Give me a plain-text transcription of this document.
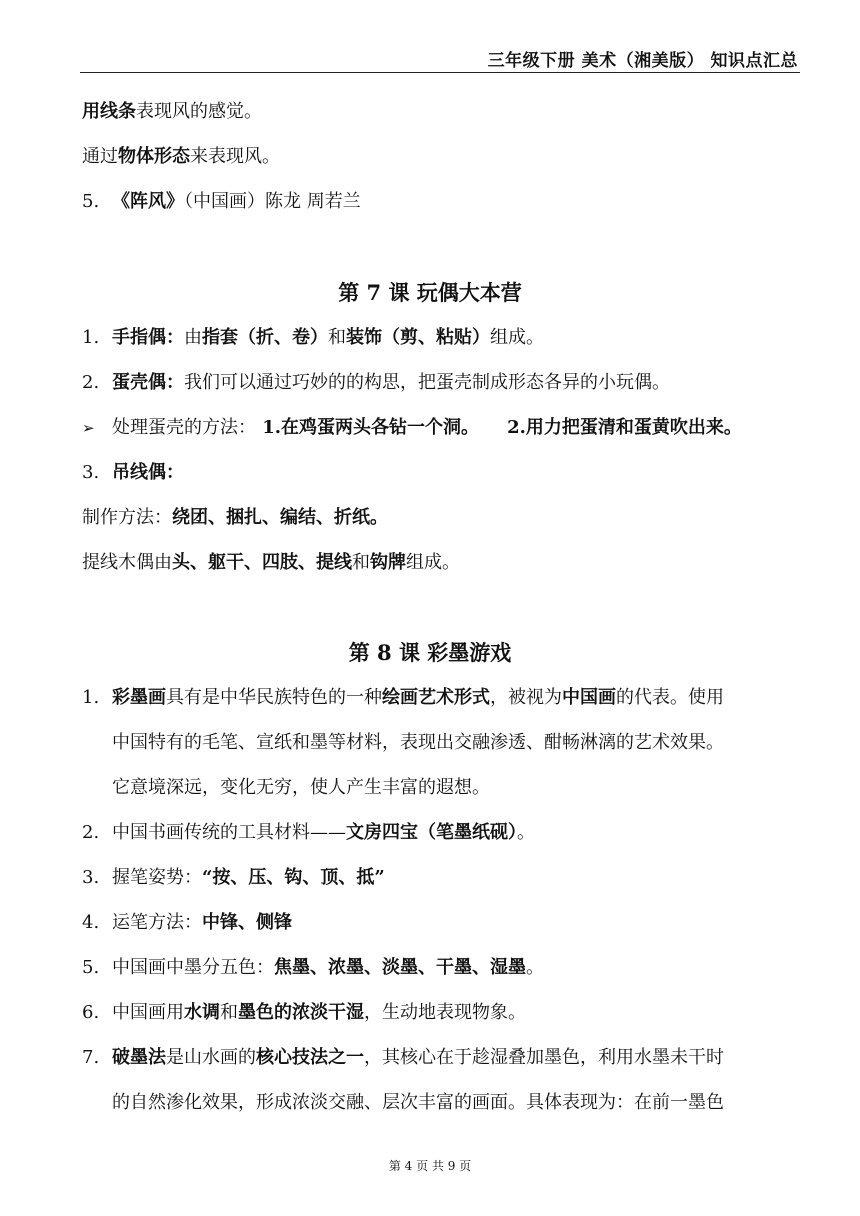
三年级下册 美术（湘美版） 知识点汇总
用线条表现风的感觉。
通过物体形态来表现风。
5. 《阵风》（中国画）陈龙 周若兰
第 7 课 玩偶大本营
1. 手指偶：由指套（折、卷）和装饰（剪、粘贴）组成。
2. 蛋壳偶：我们可以通过巧妙的的构思，把蛋壳制成形态各异的小玩偶。
➢ 处理蛋壳的方法： 1.在鸡蛋两头各钻一个洞。 2.用力把蛋清和蛋黄吹出来。
3. 吊线偶：
制作方法：绕团、捆扎、编结、折纸。
提线木偶由头、躯干、四肢、提线和钩牌组成。
第 8 课 彩墨游戏
1. 彩墨画具有是中华民族特色的一种绘画艺术形式，被视为中国画的代表。使用
中国特有的毛笔、宣纸和墨等材料，表现出交融渗透、酣畅淋漓的艺术效果。
它意境深远，变化无穷，使人产生丰富的遐想。
2. 中国书画传统的工具材料——文房四宝（笔墨纸砚）。
3. 握笔姿势：“按、压、钩、顶、抵”
4. 运笔方法：中锋、侧锋
5. 中国画中墨分五色：焦墨、浓墨、淡墨、干墨、湿墨。
6. 中国画用水调和墨色的浓淡干湿，生动地表现物象。
7. 破墨法是山水画的核心技法之一，其核心在于趁湿叠加墨色，利用水墨未干时
的自然渗化效果，形成浓淡交融、层次丰富的画面。具体表现为：在前一墨色
第 4 页 共 9 页
